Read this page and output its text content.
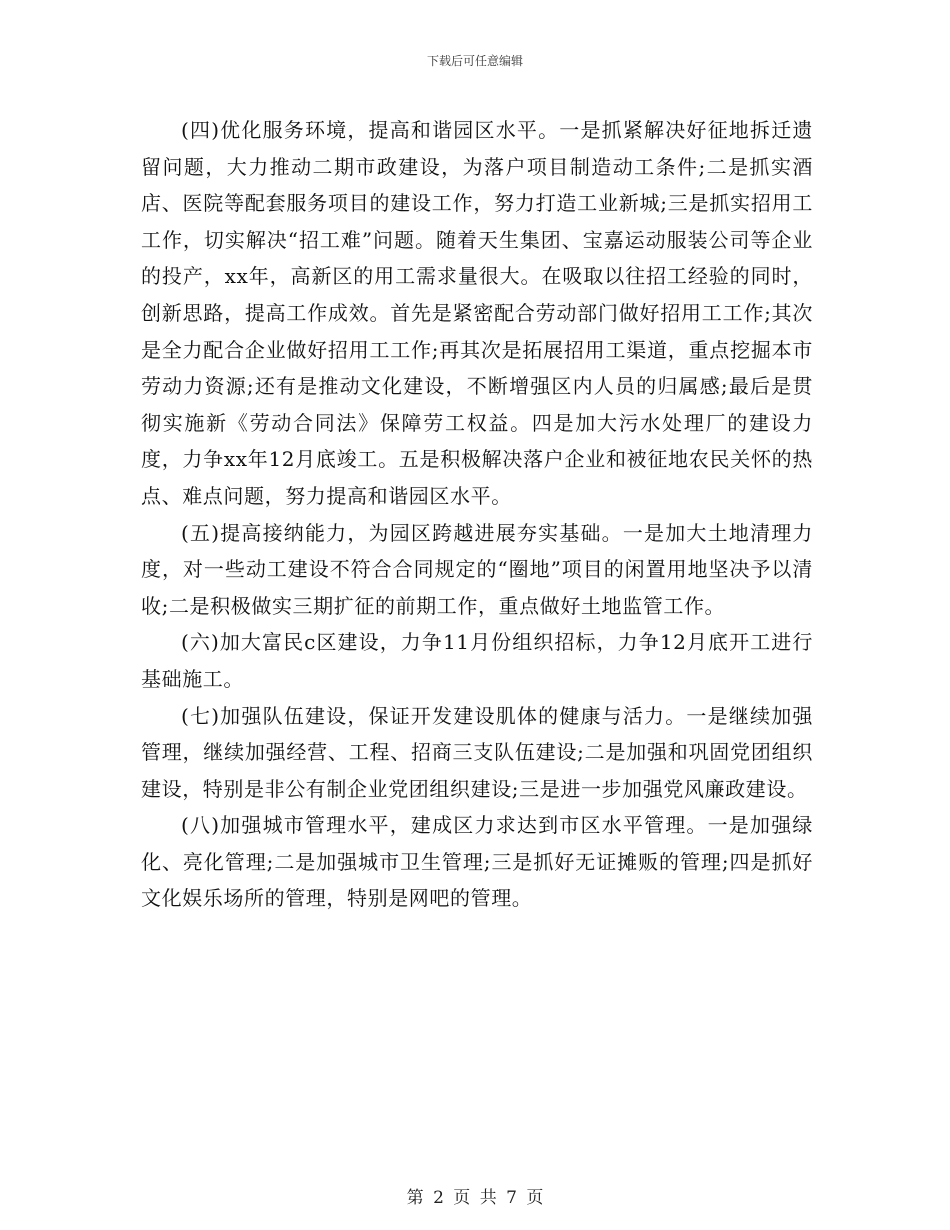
下载后可任意编辑

(四)优化服务环境，提高和谐园区水平。一是抓紧解决好征地拆迁遗留问题，大力推动二期市政建设，为落户项目制造动工条件;二是抓实酒店、医院等配套服务项目的建设工作，努力打造工业新城;三是抓实招用工工作，切实解决“招工难”问题。随着天生集团、宝嘉运动服装公司等企业的投产，xx年，高新区的用工需求量很大。在吸取以往招工经验的同时，创新思路，提高工作成效。首先是紧密配合劳动部门做好招用工工作;其次是全力配合企业做好招用工工作;再其次是拓展招用工渠道，重点挖掘本市劳动力资源;还有是推动文化建设，不断增强区内人员的归属感;最后是贯彻实施新《劳动合同法》保障劳工权益。四是加大污水处理厂的建设力度，力争xx年12月底竣工。五是积极解决落户企业和被征地农民关怀的热点、难点问题，努力提高和谐园区水平。

(五)提高接纳能力，为园区跨越进展夯实基础。一是加大土地清理力度，对一些动工建设不符合合同规定的“圈地”项目的闲置用地坚决予以清收;二是积极做实三期扩征的前期工作，重点做好土地监管工作。

(六)加大富民c区建设，力争11月份组织招标，力争12月底开工进行基础施工。

(七)加强队伍建设，保证开发建设肌体的健康与活力。一是继续加强管理，继续加强经营、工程、招商三支队伍建设;二是加强和巩固党团组织建设，特别是非公有制企业党团组织建设;三是进一步加强党风廉政建设。

(八)加强城市管理水平，建成区力求达到市区水平管理。一是加强绿化、亮化管理;二是加强城市卫生管理;三是抓好无证摊贩的管理;四是抓好文化娱乐场所的管理，特别是网吧的管理。

第 2 页 共 7 页
